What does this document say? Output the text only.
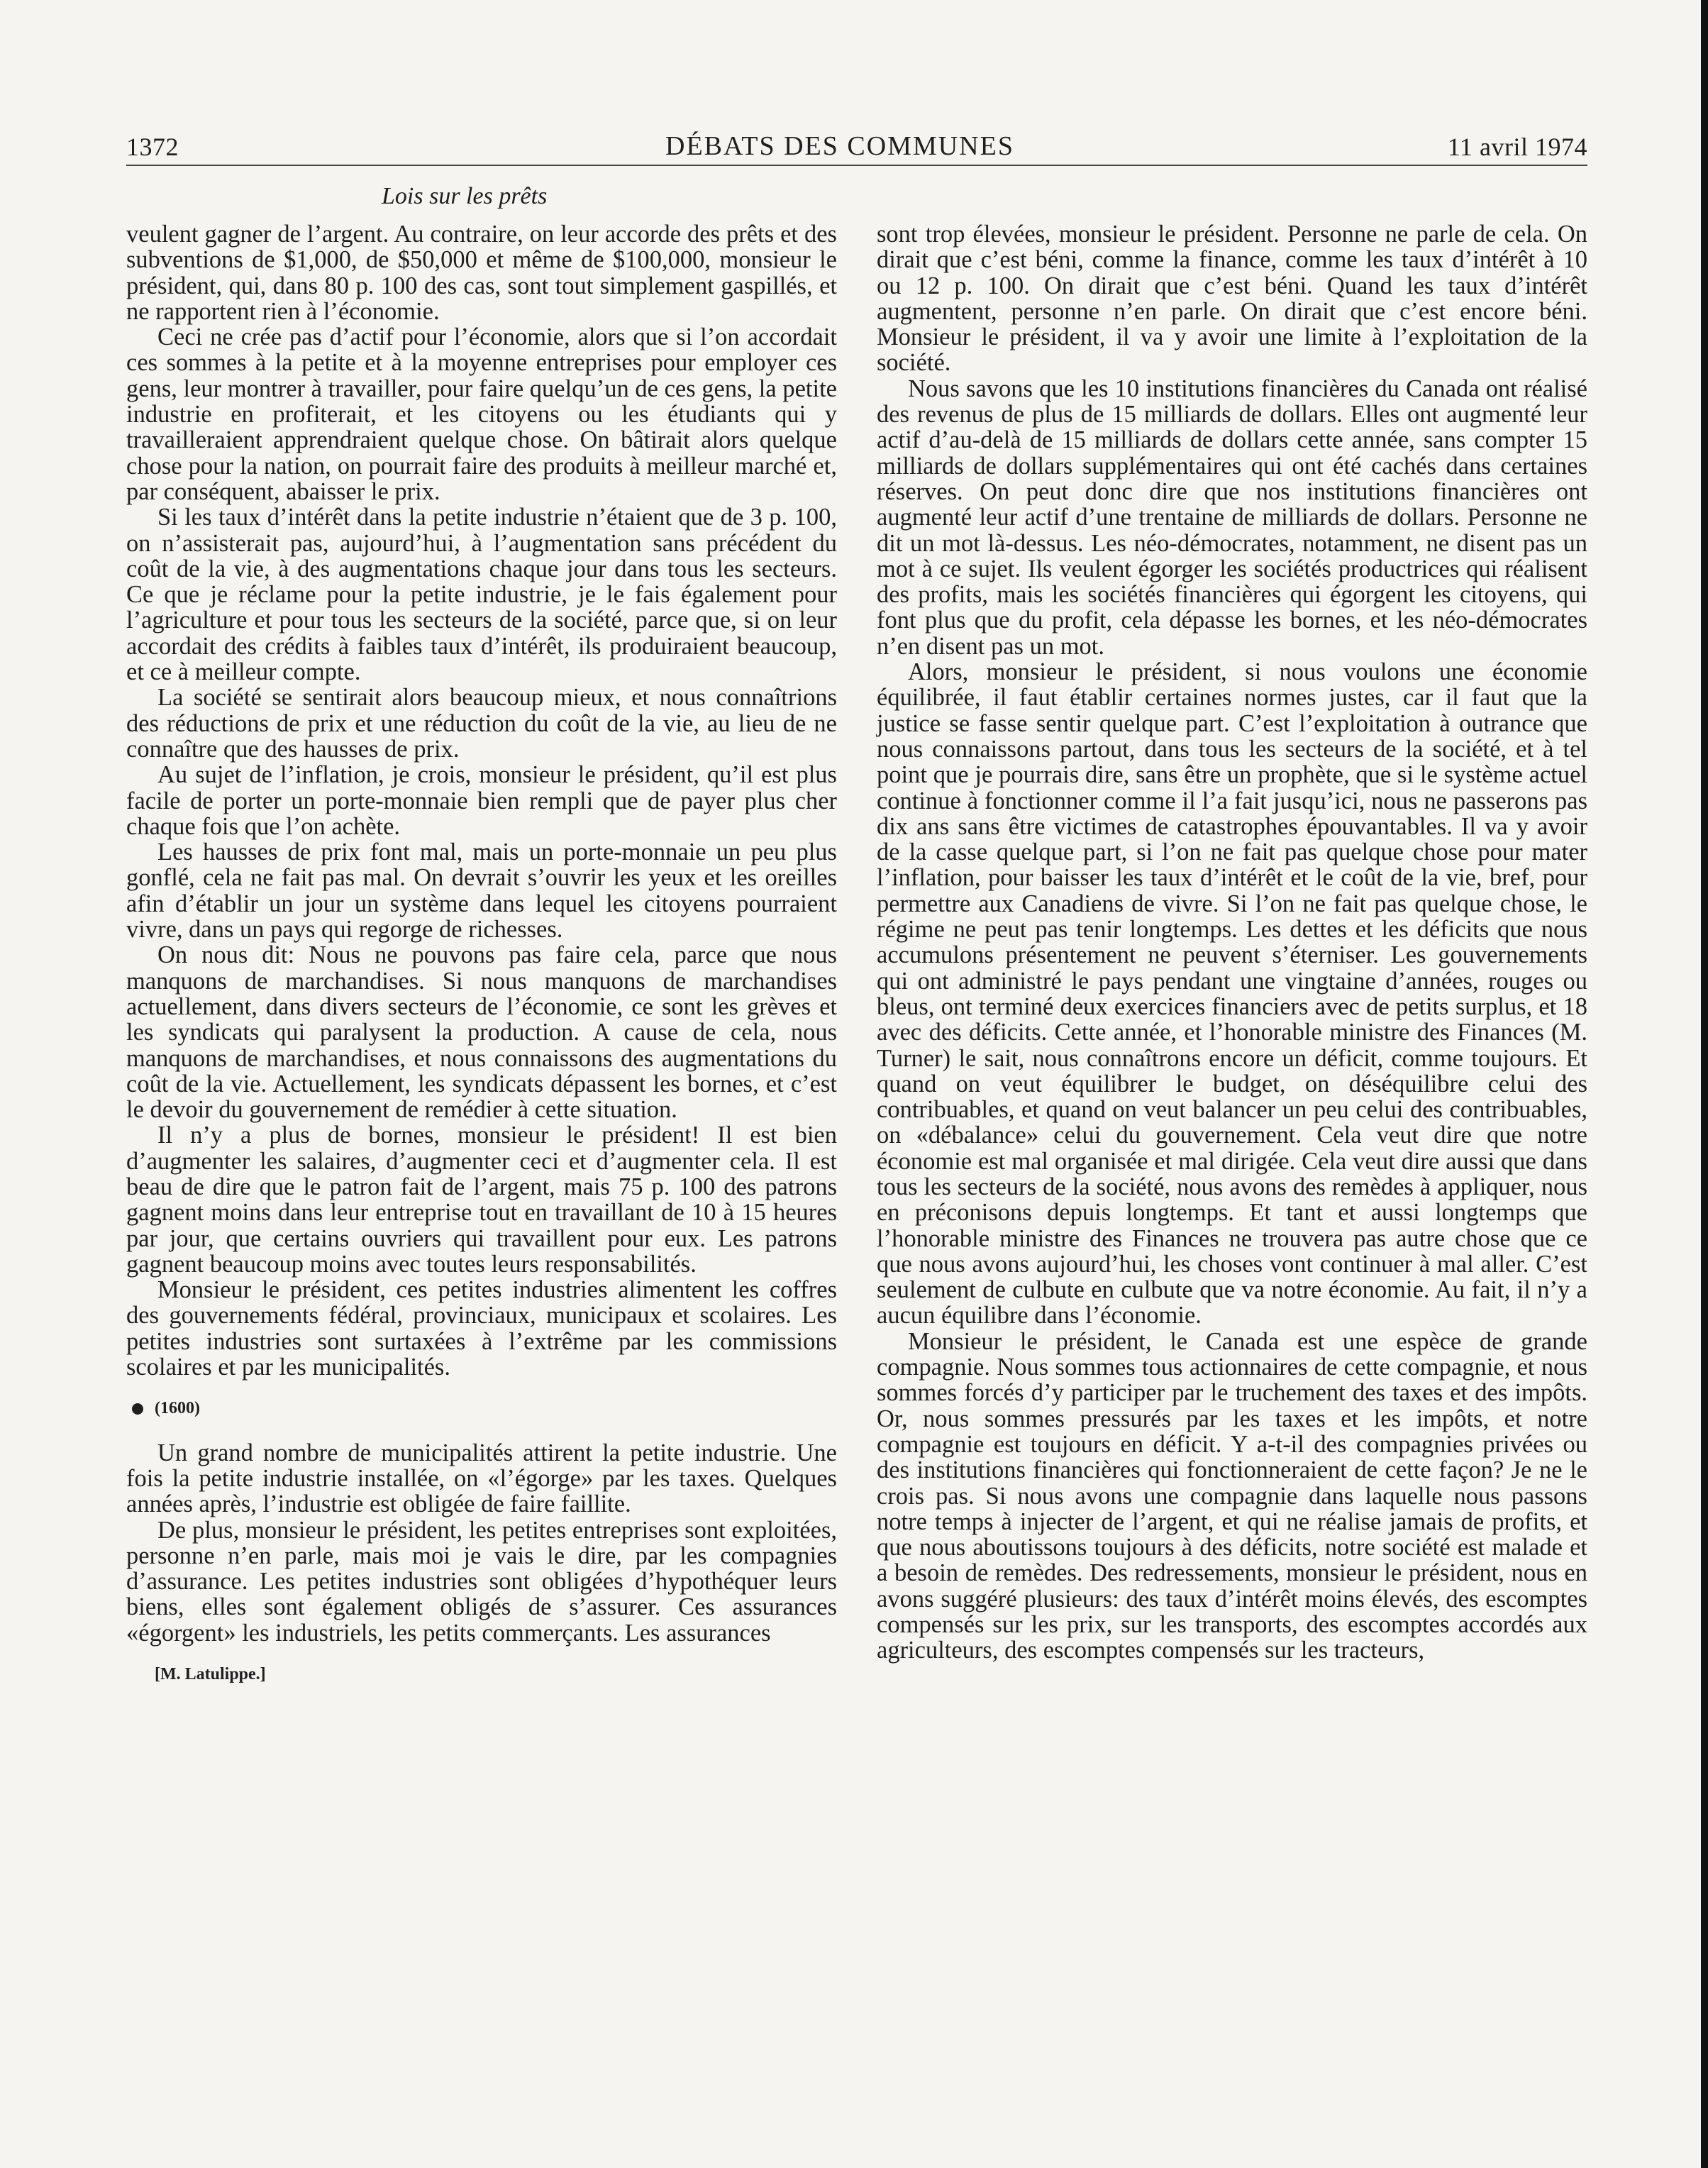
1372	DÉBATS DES COMMUNES	11 avril 1974
Lois sur les prêts

veulent gagner de l’argent. Au contraire, on leur accorde des prêts et des subventions de $1,000, de $50,000 et même de $100,000, monsieur le président, qui, dans 80 p. 100 des cas, sont tout simplement gaspillés, et ne rapportent rien à l’économie.

Ceci ne crée pas d’actif pour l’économie, alors que si l’on accordait ces sommes à la petite et à la moyenne entreprises pour employer ces gens, leur montrer à travailler, pour faire quelqu’un de ces gens, la petite industrie en profiterait, et les citoyens ou les étudiants qui y travailleraient apprendraient quelque chose. On bâtirait alors quelque chose pour la nation, on pourrait faire des produits à meilleur marché et, par conséquent, abaisser le prix.

Si les taux d’intérêt dans la petite industrie n’étaient que de 3 p. 100, on n’assisterait pas, aujourd’hui, à l’augmentation sans précédent du coût de la vie, à des augmentations chaque jour dans tous les secteurs. Ce que je réclame pour la petite industrie, je le fais également pour l’agriculture et pour tous les secteurs de la société, parce que, si on leur accordait des crédits à faibles taux d’intérêt, ils produiraient beaucoup, et ce à meilleur compte.

La société se sentirait alors beaucoup mieux, et nous connaîtrions des réductions de prix et une réduction du coût de la vie, au lieu de ne connaître que des hausses de prix.

Au sujet de l’inflation, je crois, monsieur le président, qu’il est plus facile de porter un porte-monnaie bien rempli que de payer plus cher chaque fois que l’on achète.

Les hausses de prix font mal, mais un porte-monnaie un peu plus gonflé, cela ne fait pas mal. On devrait s’ouvrir les yeux et les oreilles afin d’établir un jour un système dans lequel les citoyens pourraient vivre, dans un pays qui regorge de richesses.

On nous dit: Nous ne pouvons pas faire cela, parce que nous manquons de marchandises. Si nous manquons de marchandises actuellement, dans divers secteurs de l’économie, ce sont les grèves et les syndicats qui paralysent la production. A cause de cela, nous manquons de marchandises, et nous connaissons des augmentations du coût de la vie. Actuellement, les syndicats dépassent les bornes, et c’est le devoir du gouvernement de remédier à cette situation.

Il n’y a plus de bornes, monsieur le président! Il est bien d’augmenter les salaires, d’augmenter ceci et d’augmenter cela. Il est beau de dire que le patron fait de l’argent, mais 75 p. 100 des patrons gagnent moins dans leur entreprise tout en travaillant de 10 à 15 heures par jour, que certains ouvriers qui travaillent pour eux. Les patrons gagnent beaucoup moins avec toutes leurs responsabilités.

Monsieur le président, ces petites industries alimentent les coffres des gouvernements fédéral, provinciaux, municipaux et scolaires. Les petites industries sont surtaxées à l’extrême par les commissions scolaires et par les municipalités.

(1600)

Un grand nombre de municipalités attirent la petite industrie. Une fois la petite industrie installée, on «l’égorge» par les taxes. Quelques années après, l’industrie est obligée de faire faillite.

De plus, monsieur le président, les petites entreprises sont exploitées, personne n’en parle, mais moi je vais le dire, par les compagnies d’assurance. Les petites industries sont obligées d’hypothéquer leurs biens, elles sont également obligés de s’assurer. Ces assurances «égorgent» les industriels, les petits commerçants. Les assurances

[M. Latulippe.]

sont trop élevées, monsieur le président. Personne ne parle de cela. On dirait que c’est béni, comme la finance, comme les taux d’intérêt à 10 ou 12 p. 100. On dirait que c’est béni. Quand les taux d’intérêt augmentent, personne n’en parle. On dirait que c’est encore béni. Monsieur le président, il va y avoir une limite à l’exploitation de la société.

Nous savons que les 10 institutions financières du Canada ont réalisé des revenus de plus de 15 milliards de dollars. Elles ont augmenté leur actif d’au-delà de 15 milliards de dollars cette année, sans compter 15 milliards de dollars supplémentaires qui ont été cachés dans certaines réserves. On peut donc dire que nos institutions financières ont augmenté leur actif d’une trentaine de milliards de dollars. Personne ne dit un mot là-dessus. Les néo-démocrates, notamment, ne disent pas un mot à ce sujet. Ils veulent égorger les sociétés productrices qui réalisent des profits, mais les sociétés financières qui égorgent les citoyens, qui font plus que du profit, cela dépasse les bornes, et les néo-démocrates n’en disent pas un mot.

Alors, monsieur le président, si nous voulons une économie équilibrée, il faut établir certaines normes justes, car il faut que la justice se fasse sentir quelque part. C’est l’exploitation à outrance que nous connaissons partout, dans tous les secteurs de la société, et à tel point que je pourrais dire, sans être un prophète, que si le système actuel continue à fonctionner comme il l’a fait jusqu’ici, nous ne passerons pas dix ans sans être victimes de catastrophes épouvantables. Il va y avoir de la casse quelque part, si l’on ne fait pas quelque chose pour mater l’inflation, pour baisser les taux d’intérêt et le coût de la vie, bref, pour permettre aux Canadiens de vivre. Si l’on ne fait pas quelque chose, le régime ne peut pas tenir longtemps. Les dettes et les déficits que nous accumulons présentement ne peuvent s’éterniser. Les gouvernements qui ont administré le pays pendant une vingtaine d’années, rouges ou bleus, ont terminé deux exercices financiers avec de petits surplus, et 18 avec des déficits. Cette année, et l’honorable ministre des Finances (M. Turner) le sait, nous connaîtrons encore un déficit, comme toujours. Et quand on veut équilibrer le budget, on déséquilibre celui des contribuables, et quand on veut balancer un peu celui des contribuables, on «débalance» celui du gouvernement. Cela veut dire que notre économie est mal organisée et mal dirigée. Cela veut dire aussi que dans tous les secteurs de la société, nous avons des remèdes à appliquer, nous en préconisons depuis longtemps. Et tant et aussi longtemps que l’honorable ministre des Finances ne trouvera pas autre chose que ce que nous avons aujourd’hui, les choses vont continuer à mal aller. C’est seulement de culbute en culbute que va notre économie. Au fait, il n’y a aucun équilibre dans l’économie.

Monsieur le président, le Canada est une espèce de grande compagnie. Nous sommes tous actionnaires de cette compagnie, et nous sommes forcés d’y participer par le truchement des taxes et des impôts. Or, nous sommes pressurés par les taxes et les impôts, et notre compagnie est toujours en déficit. Y a-t-il des compagnies privées ou des institutions financières qui fonctionneraient de cette façon? Je ne le crois pas. Si nous avons une compagnie dans laquelle nous passons notre temps à injecter de l’argent, et qui ne réalise jamais de profits, et que nous aboutissons toujours à des déficits, notre société est malade et a besoin de remèdes. Des redressements, monsieur le président, nous en avons suggéré plusieurs: des taux d’intérêt moins élevés, des escomptes compensés sur les prix, sur les transports, des escomptes accordés aux agriculteurs, des escomptes compensés sur les tracteurs,
